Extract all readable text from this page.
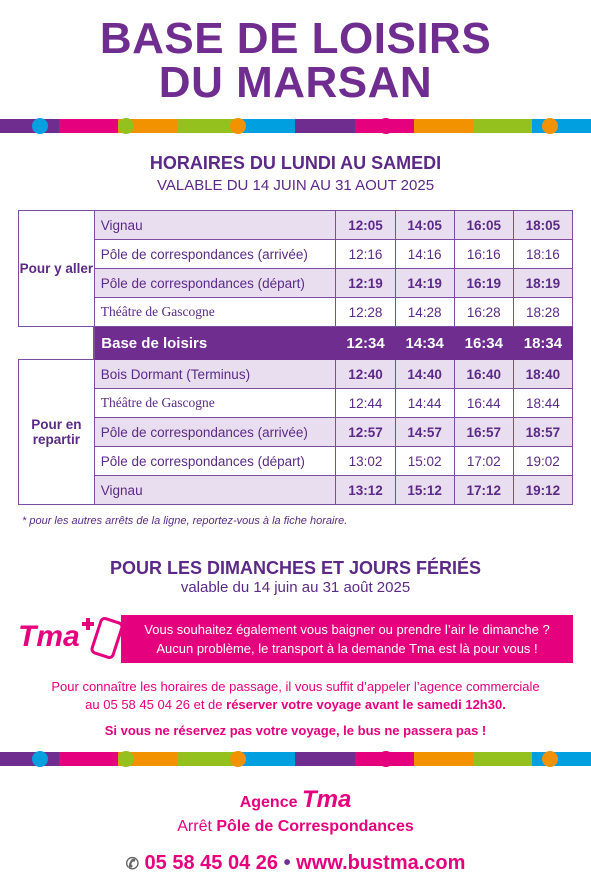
BASE DE LOISIRS
DU MARSAN
HORAIRES DU LUNDI AU SAMEDI
VALABLE DU 14 JUIN AU 31 AOUT 2025
Pour y aller	Vignau	12:05	14:05	16:05	18:05
	Pôle de correspondances (arrivée)	12:16	14:16	16:16	18:16
	Pôle de correspondances (départ)	12:19	14:19	16:19	18:19
	Théâtre de Gascogne	12:28	14:28	16:28	18:28
	Base de loisirs	12:34	14:34	16:34	18:34
Pour en repartir	Bois Dormant (Terminus)	12:40	14:40	16:40	18:40
	Théâtre de Gascogne	12:44	14:44	16:44	18:44
	Pôle de correspondances (arrivée)	12:57	14:57	16:57	18:57
	Pôle de correspondances (départ)	13:02	15:02	17:02	19:02
	Vignau	13:12	15:12	17:12	19:12
* pour les autres arrêts de la ligne, reportez-vous à la fiche horaire.
POUR LES DIMANCHES ET JOURS FÉRIÉS
valable du 14 juin au 31 août 2025
Tma	Vous souhaitez également vous baigner ou prendre l’air le dimanche ?
Aucun problème, le transport à la demande Tma est là pour vous !
Pour connaître les horaires de passage, il vous suffit d’appeler l’agence commerciale
au 05 58 45 04 26 et de réserver votre voyage avant le samedi 12h30.
Si vous ne réservez pas votre voyage, le bus ne passera pas !
Agence Tma
Arrêt Pôle de Correspondances
✆ 05 58 45 04 26 • www.bustma.com
